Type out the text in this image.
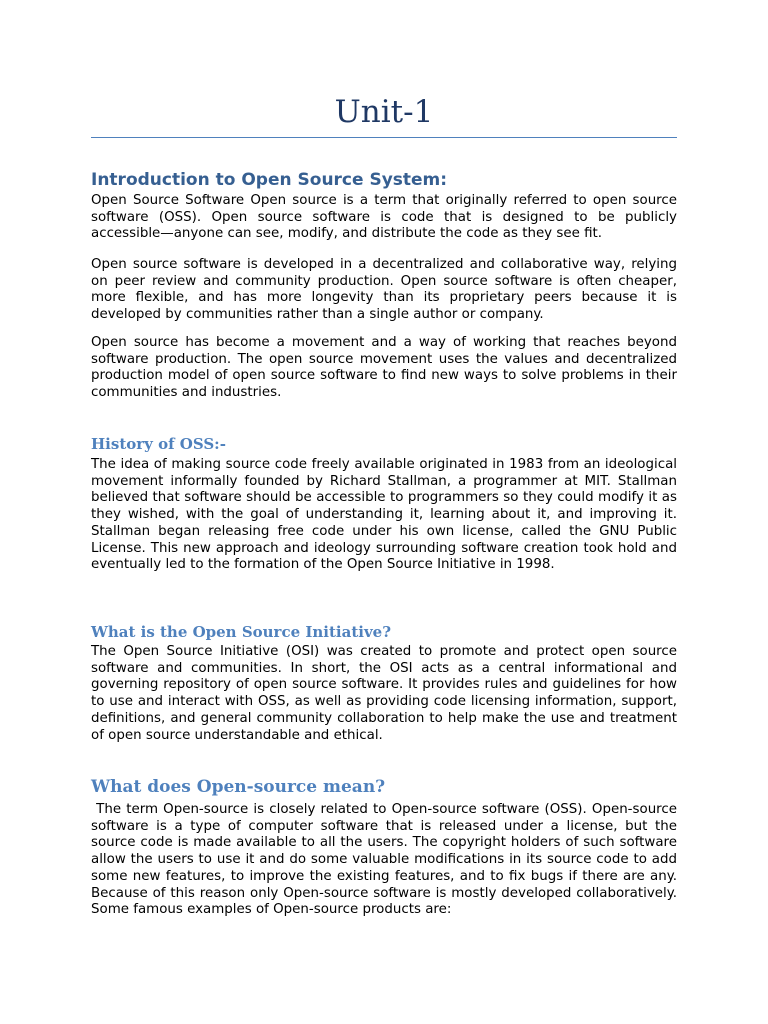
Unit-1
Introduction to Open Source System:

Open Source Software Open source is a term that originally referred to open source software (OSS). Open source software is code that is designed to be publicly accessible—anyone can see, modify, and distribute the code as they see fit.

Open source software is developed in a decentralized and collaborative way, relying on peer review and community production. Open source software is often cheaper, more flexible, and has more longevity than its proprietary peers because it is developed by communities rather than a single author or company.

Open source has become a movement and a way of working that reaches beyond software production. The open source movement uses the values and decentralized production model of open source software to find new ways to solve problems in their communities and industries.

History of OSS:-

The idea of making source code freely available originated in 1983 from an ideological movement informally founded by Richard Stallman, a programmer at MIT. Stallman believed that software should be accessible to programmers so they could modify it as they wished, with the goal of understanding it, learning about it, and improving it. Stallman began releasing free code under his own license, called the GNU Public License. This new approach and ideology surrounding software creation took hold and eventually led to the formation of the Open Source Initiative in 1998.

What is the Open Source Initiative?

The Open Source Initiative (OSI) was created to promote and protect open source software and communities. In short, the OSI acts as a central informational and governing repository of open source software. It provides rules and guidelines for how to use and interact with OSS, as well as providing code licensing information, support, definitions, and general community collaboration to help make the use and treatment of open source understandable and ethical.

What does Open-source mean?

The term Open-source is closely related to Open-source software (OSS). Open-source software is a type of computer software that is released under a license, but the source code is made available to all the users. The copyright holders of such software allow the users to use it and do some valuable modifications in its source code to add some new features, to improve the existing features, and to fix bugs if there are any. Because of this reason only Open-source software is mostly developed collaboratively. Some famous examples of Open-source products are:
